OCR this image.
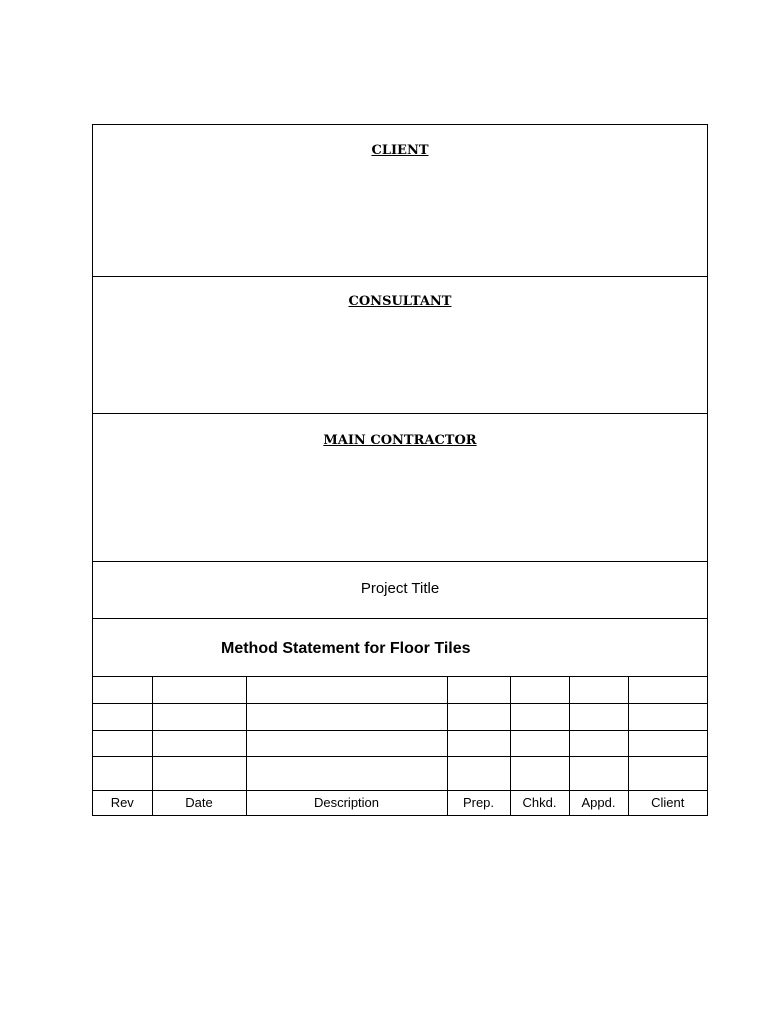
CLIENT
CONSULTANT
MAIN CONTRACTOR
Project Title
Method Statement for Floor Tiles

Rev	Date	Description	Prep.	Chkd.	Appd.	Client
